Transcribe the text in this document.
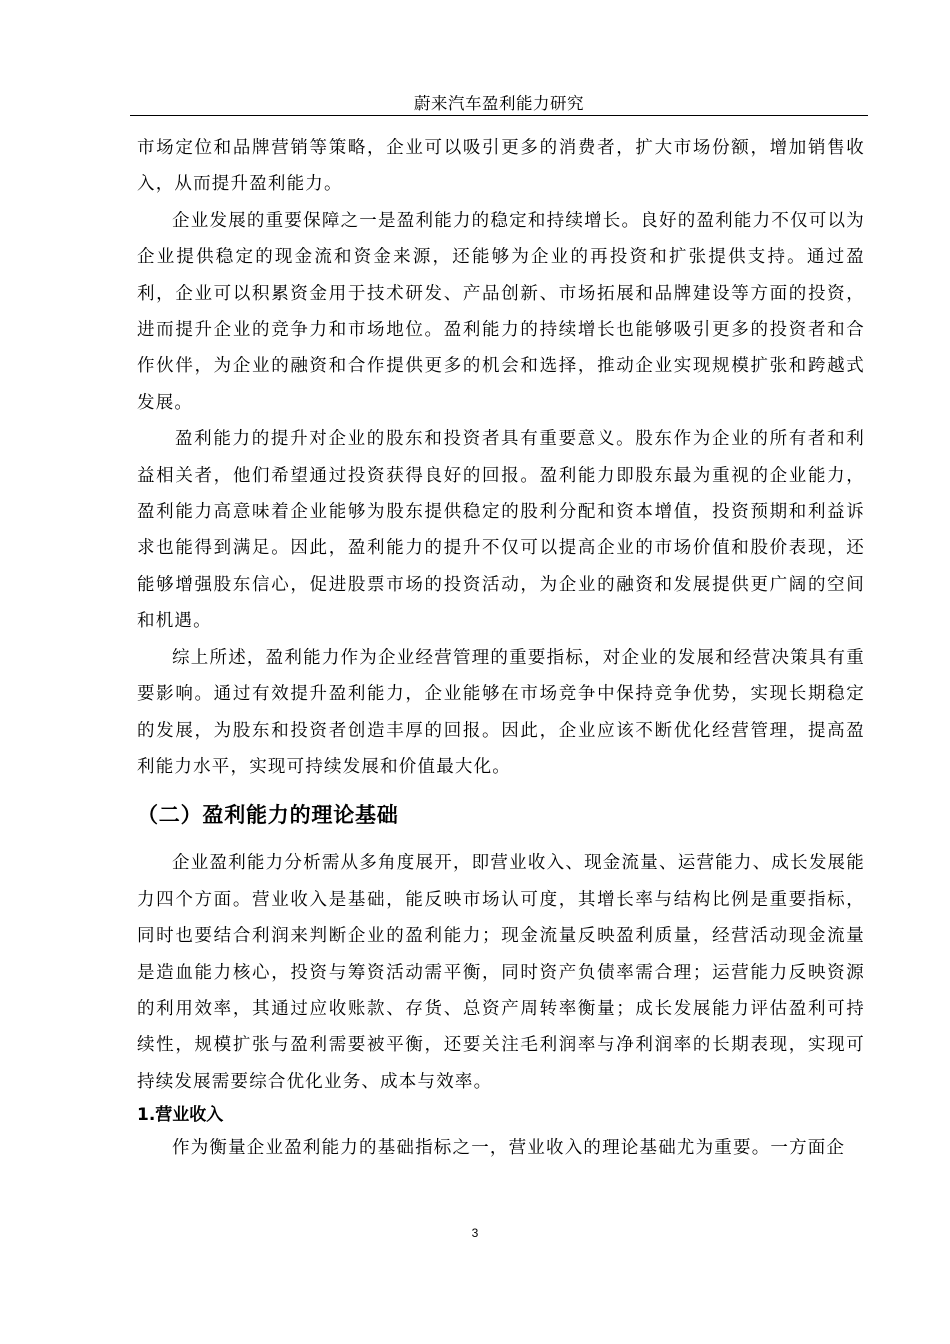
蔚来汽车盈利能力研究

市场定位和品牌营销等策略，企业可以吸引更多的消费者，扩大市场份额，增加销售收入，从而提升盈利能力。

企业发展的重要保障之一是盈利能力的稳定和持续增长。良好的盈利能力不仅可以为企业提供稳定的现金流和资金来源，还能够为企业的再投资和扩张提供支持。通过盈利，企业可以积累资金用于技术研发、产品创新、市场拓展和品牌建设等方面的投资，进而提升企业的竞争力和市场地位。盈利能力的持续增长也能够吸引更多的投资者和合作伙伴，为企业的融资和合作提供更多的机会和选择，推动企业实现规模扩张和跨越式发展。

盈利能力的提升对企业的股东和投资者具有重要意义。股东作为企业的所有者和利益相关者，他们希望通过投资获得良好的回报。盈利能力即股东最为重视的企业能力，盈利能力高意味着企业能够为股东提供稳定的股利分配和资本增值，投资预期和利益诉求也能得到满足。因此，盈利能力的提升不仅可以提高企业的市场价值和股价表现，还能够增强股东信心，促进股票市场的投资活动，为企业的融资和发展提供更广阔的空间和机遇。

综上所述，盈利能力作为企业经营管理的重要指标，对企业的发展和经营决策具有重要影响。通过有效提升盈利能力，企业能够在市场竞争中保持竞争优势，实现长期稳定的发展，为股东和投资者创造丰厚的回报。因此，企业应该不断优化经营管理，提高盈利能力水平，实现可持续发展和价值最大化。

（二）盈利能力的理论基础

企业盈利能力分析需从多角度展开，即营业收入、现金流量、运营能力、成长发展能力四个方面。营业收入是基础，能反映市场认可度，其增长率与结构比例是重要指标，同时也要结合利润来判断企业的盈利能力；现金流量反映盈利质量，经营活动现金流量是造血能力核心，投资与筹资活动需平衡，同时资产负债率需合理；运营能力反映资源的利用效率，其通过应收账款、存货、总资产周转率衡量；成长发展能力评估盈利可持续性，规模扩张与盈利需要被平衡，还要关注毛利润率与净利润率的长期表现，实现可持续发展需要综合优化业务、成本与效率。

1.营业收入

作为衡量企业盈利能力的基础指标之一，营业收入的理论基础尤为重要。一方面企

3
